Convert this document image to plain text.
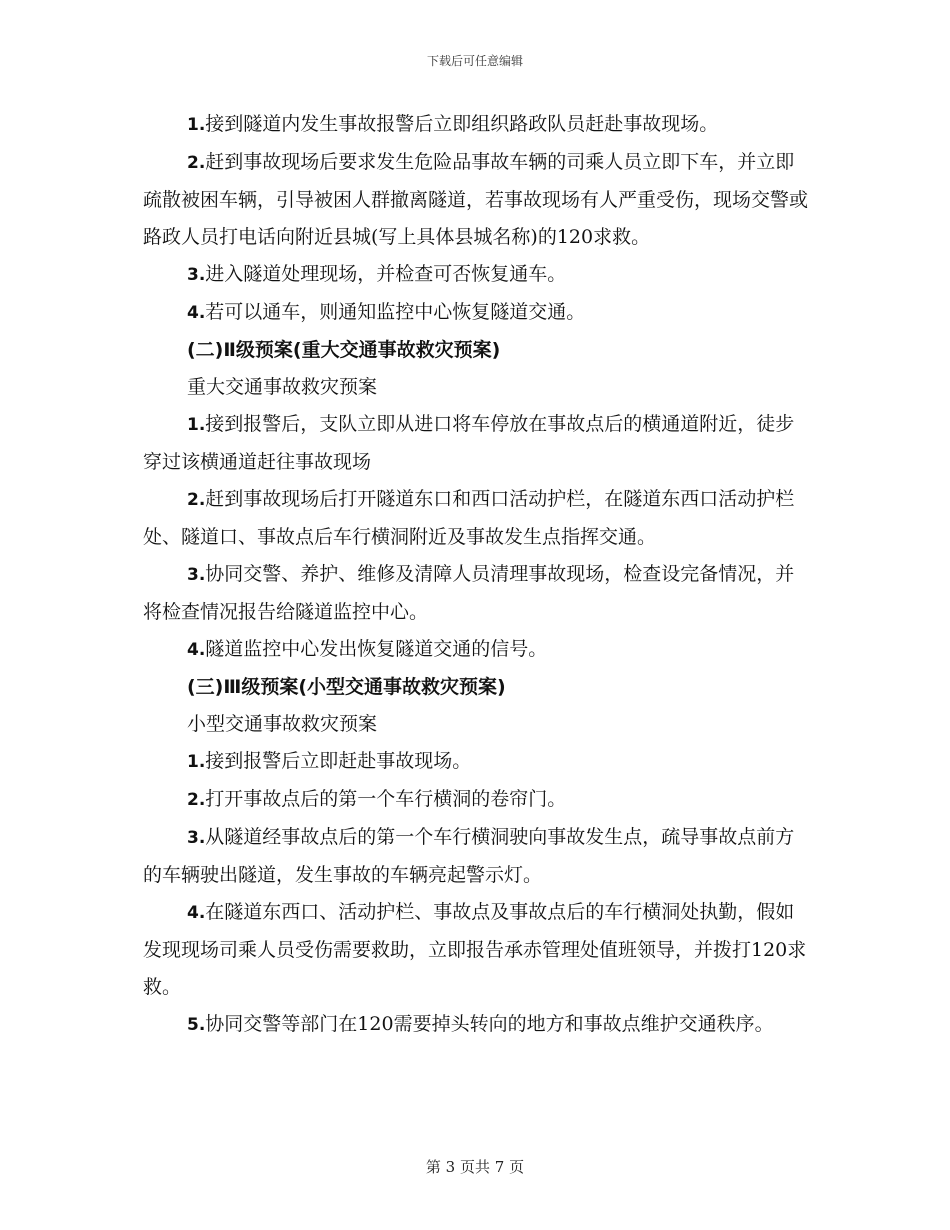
下载后可任意编辑

1.接到隧道内发生事故报警后立即组织路政队员赶赴事故现场。

2.赶到事故现场后要求发生危险品事故车辆的司乘人员立即下车，并立即疏散被困车辆，引导被困人群撤离隧道，若事故现场有人严重受伤，现场交警或路政人员打电话向附近县城(写上具体县城名称)的120求救。

3.进入隧道处理现场，并检查可否恢复通车。

4.若可以通车，则通知监控中心恢复隧道交通。

(二)Ⅱ级预案(重大交通事故救灾预案)

重大交通事故救灾预案

1.接到报警后，支队立即从进口将车停放在事故点后的横通道附近，徒步穿过该横通道赶往事故现场

2.赶到事故现场后打开隧道东口和西口活动护栏，在隧道东西口活动护栏处、隧道口、事故点后车行横洞附近及事故发生点指挥交通。

3.协同交警、养护、维修及清障人员清理事故现场，检查设完备情况，并将检查情况报告给隧道监控中心。

4.隧道监控中心发出恢复隧道交通的信号。

(三)Ⅲ级预案(小型交通事故救灾预案)

小型交通事故救灾预案

1.接到报警后立即赶赴事故现场。

2.打开事故点后的第一个车行横洞的卷帘门。

3.从隧道经事故点后的第一个车行横洞驶向事故发生点，疏导事故点前方的车辆驶出隧道，发生事故的车辆亮起警示灯。

4.在隧道东西口、活动护栏、事故点及事故点后的车行横洞处执勤，假如发现现场司乘人员受伤需要救助，立即报告承赤管理处值班领导，并拨打120求救。

5.协同交警等部门在120需要掉头转向的地方和事故点维护交通秩序。

第 3 页共 7 页
